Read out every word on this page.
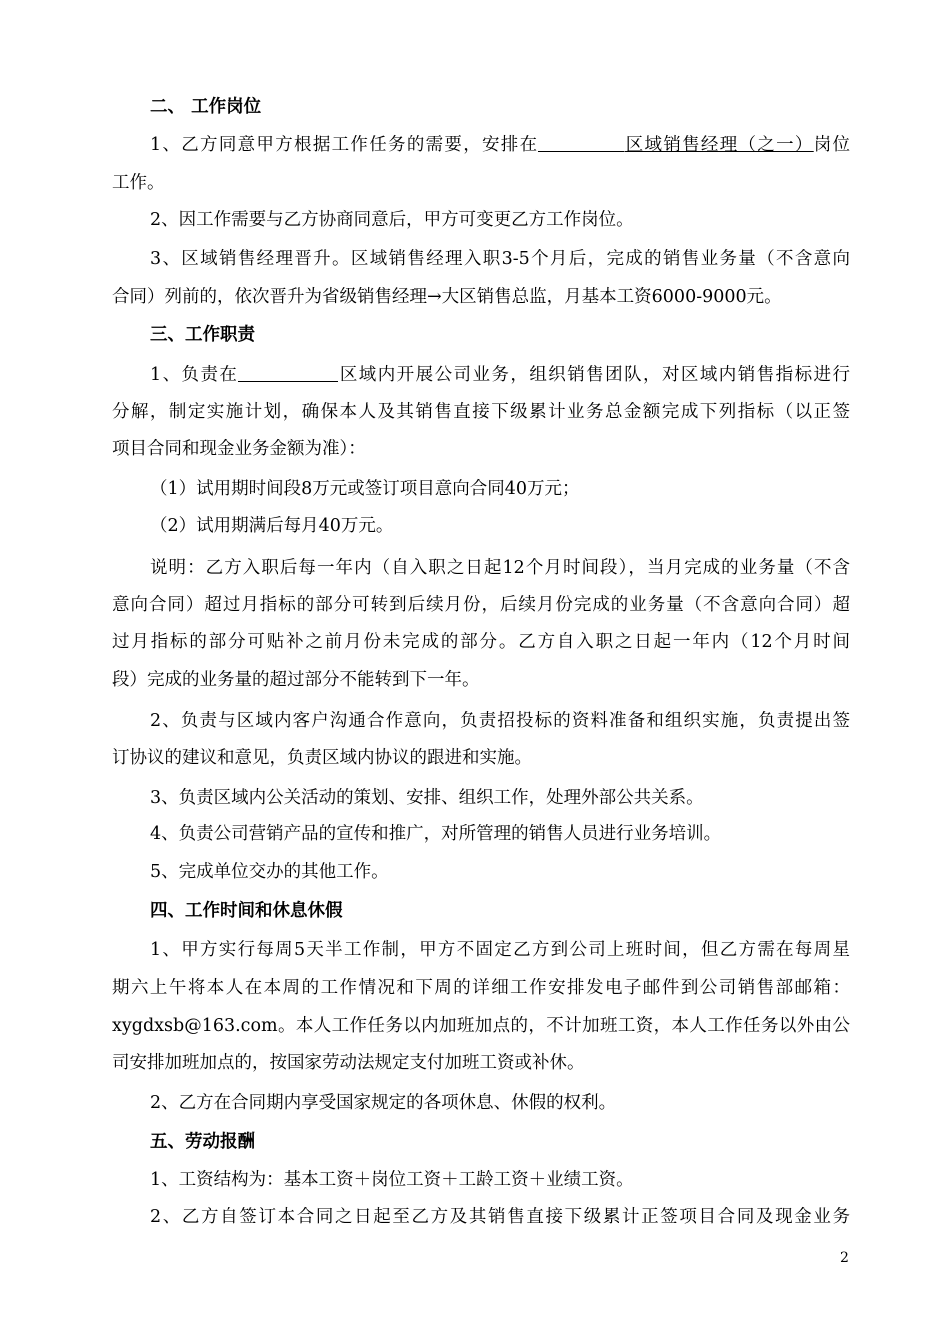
二、 工作岗位
1、乙方同意甲方根据工作任务的需要，安排在	区域销售经理（之一）岗位
工作。
2、因工作需要与乙方协商同意后，甲方可变更乙方工作岗位。
3、区域销售经理晋升。区域销售经理入职3-5个月后，完成的销售业务量（不含意向
合同）列前的，依次晋升为省级销售经理→大区销售总监，月基本工资6000-9000元。
三、工作职责
1、负责在	区域内开展公司业务，组织销售团队，对区域内销售指标进行
分解，制定实施计划，确保本人及其销售直接下级累计业务总金额完成下列指标（以正签
项目合同和现金业务金额为准）：
（1）试用期时间段8万元或签订项目意向合同40万元；
（2）试用期满后每月40万元。
说明：乙方入职后每一年内（自入职之日起12个月时间段），当月完成的业务量（不含
意向合同）超过月指标的部分可转到后续月份，后续月份完成的业务量（不含意向合同）超
过月指标的部分可贴补之前月份未完成的部分。乙方自入职之日起一年内（12个月时间
段）完成的业务量的超过部分不能转到下一年。
2、负责与区域内客户沟通合作意向，负责招投标的资料准备和组织实施，负责提出签
订协议的建议和意见，负责区域内协议的跟进和实施。
3、负责区域内公关活动的策划、安排、组织工作，处理外部公共关系。
4、负责公司营销产品的宣传和推广，对所管理的销售人员进行业务培训。
5、完成单位交办的其他工作。
四、工作时间和休息休假
1、甲方实行每周5天半工作制，甲方不固定乙方到公司上班时间，但乙方需在每周星
期六上午将本人在本周的工作情况和下周的详细工作安排发电子邮件到公司销售部邮箱：
xygdxsb@163.com。本人工作任务以内加班加点的，不计加班工资，本人工作任务以外由公
司安排加班加点的，按国家劳动法规定支付加班工资或补休。
2、乙方在合同期内享受国家规定的各项休息、休假的权利。
五、劳动报酬
1、工资结构为：基本工资＋岗位工资＋工龄工资＋业绩工资。
2、乙方自签订本合同之日起至乙方及其销售直接下级累计正签项目合同及现金业务
2
